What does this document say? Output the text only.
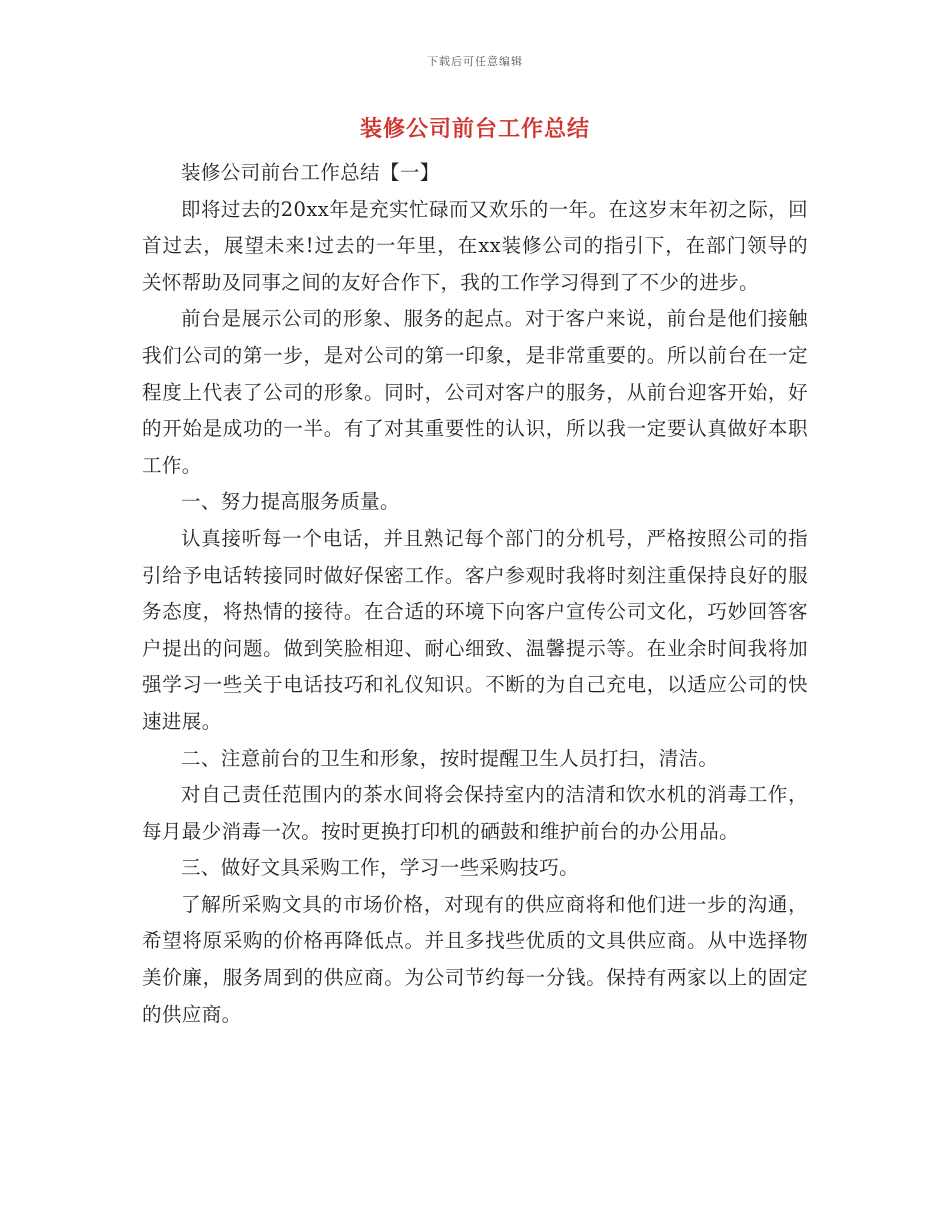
下载后可任意编辑
装修公司前台工作总结

装修公司前台工作总结【一】

即将过去的20xx年是充实忙碌而又欢乐的一年。在这岁末年初之际，回首过去，展望未来!过去的一年里，在xx装修公司的指引下，在部门领导的关怀帮助及同事之间的友好合作下，我的工作学习得到了不少的进步。

前台是展示公司的形象、服务的起点。对于客户来说，前台是他们接触我们公司的第一步，是对公司的第一印象，是非常重要的。所以前台在一定程度上代表了公司的形象。同时，公司对客户的服务，从前台迎客开始，好的开始是成功的一半。有了对其重要性的认识，所以我一定要认真做好本职工作。

一、努力提高服务质量。

认真接听每一个电话，并且熟记每个部门的分机号，严格按照公司的指引给予电话转接同时做好保密工作。客户参观时我将时刻注重保持良好的服务态度，将热情的接待。在合适的环境下向客户宣传公司文化，巧妙回答客户提出的问题。做到笑脸相迎、耐心细致、温馨提示等。在业余时间我将加强学习一些关于电话技巧和礼仪知识。不断的为自己充电，以适应公司的快速进展。

二、注意前台的卫生和形象，按时提醒卫生人员打扫，清洁。

对自己责任范围内的茶水间将会保持室内的洁清和饮水机的消毒工作，每月最少消毒一次。按时更换打印机的硒鼓和维护前台的办公用品。

三、做好文具采购工作，学习一些采购技巧。

了解所采购文具的市场价格，对现有的供应商将和他们进一步的沟通，希望将原采购的价格再降低点。并且多找些优质的文具供应商。从中选择物美价廉，服务周到的供应商。为公司节约每一分钱。保持有两家以上的固定的供应商。
